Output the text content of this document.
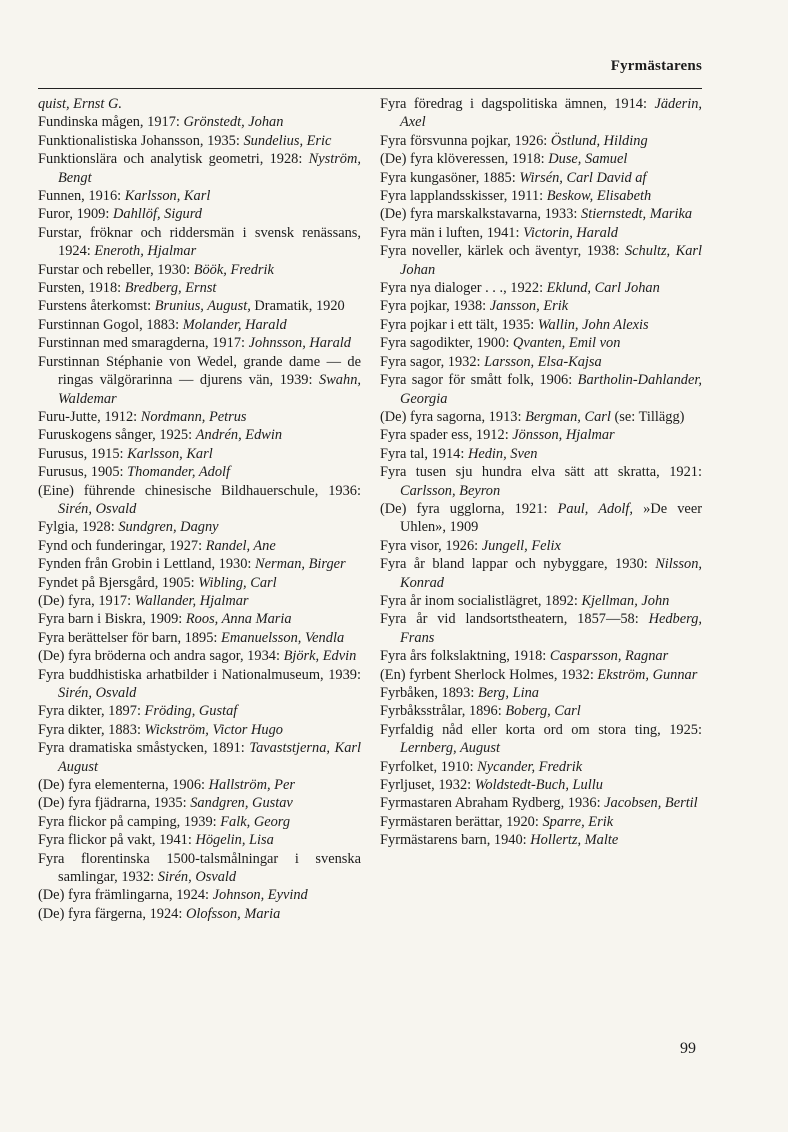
Fyrmästarens
quist, Ernst G.
Fundinska mågen, 1917: Grönstedt, Johan
Funktionalistiska Johansson, 1935: Sundelius, Eric
Funktionslära och analytisk geometri, 1928: Nyström, Bengt
Funnen, 1916: Karlsson, Karl
Furor, 1909: Dahllöf, Sigurd
Furstar, fröknar och riddersmän i svensk renässans, 1924: Eneroth, Hjalmar
Furstar och rebeller, 1930: Böök, Fredrik
Fursten, 1918: Bredberg, Ernst
Furstens återkomst: Brunius, August, Dramatik, 1920
Furstinnan Gogol, 1883: Molander, Harald
Furstinnan med smaragderna, 1917: Johnsson, Harald
Furstinnan Stéphanie von Wedel, grande dame — de ringas välgörarinna — djurens vän, 1939: Swahn, Waldemar
Furu-Jutte, 1912: Nordmann, Petrus
Furuskogens sånger, 1925: Andrén, Edwin
Furusus, 1915: Karlsson, Karl
Furusus, 1905: Thomander, Adolf
(Eine) führende chinesische Bildhauerschule, 1936: Sirén, Osvald
Fylgia, 1928: Sundgren, Dagny
Fynd och funderingar, 1927: Randel, Ane
Fynden från Grobin i Lettland, 1930: Nerman, Birger
Fyndet på Bjersgård, 1905: Wibling, Carl
(De) fyra, 1917: Wallander, Hjalmar
Fyra barn i Biskra, 1909: Roos, Anna Maria
Fyra berättelser för barn, 1895: Emanuelsson, Vendla
(De) fyra bröderna och andra sagor, 1934: Björk, Edvin
Fyra buddhistiska arhatbilder i Nationalmuseum, 1939: Sirén, Osvald
Fyra dikter, 1897: Fröding, Gustaf
Fyra dikter, 1883: Wickström, Victor Hugo
Fyra dramatiska småstycken, 1891: Tavaststjerna, Karl August
(De) fyra elementerna, 1906: Hallström, Per
(De) fyra fjädrarna, 1935: Sandgren, Gustav
Fyra flickor på camping, 1939: Falk, Georg
Fyra flickor på vakt, 1941: Högelin, Lisa
Fyra florentinska 1500-talsmålningar i svenska samlingar, 1932: Sirén, Osvald
(De) fyra främlingarna, 1924: Johnson, Eyvind
(De) fyra färgerna, 1924: Olofsson, Maria
Fyra föredrag i dagspolitiska ämnen, 1914: Jäderin, Axel
Fyra försvunna pojkar, 1926: Östlund, Hilding
(De) fyra klöveressen, 1918: Duse, Samuel
Fyra kungasöner, 1885: Wirsén, Carl David af
Fyra lapplandsskisser, 1911: Beskow, Elisabeth
(De) fyra marskalkstavarna, 1933: Stiernstedt, Marika
Fyra män i luften, 1941: Victorin, Harald
Fyra noveller, kärlek och äventyr, 1938: Schultz, Karl Johan
Fyra nya dialoger . . ., 1922: Eklund, Carl Johan
Fyra pojkar, 1938: Jansson, Erik
Fyra pojkar i ett tält, 1935: Wallin, John Alexis
Fyra sagodikter, 1900: Qvanten, Emil von
Fyra sagor, 1932: Larsson, Elsa-Kajsa
Fyra sagor för smått folk, 1906: Bartholin-Dahlander, Georgia
(De) fyra sagorna, 1913: Bergman, Carl (se: Tillägg)
Fyra spader ess, 1912: Jönsson, Hjalmar
Fyra tal, 1914: Hedin, Sven
Fyra tusen sju hundra elva sätt att skratta, 1921: Carlsson, Beyron
(De) fyra ugglorna, 1921: Paul, Adolf, »De veer Uhlen», 1909
Fyra visor, 1926: Jungell, Felix
Fyra år bland lappar och nybyggare, 1930: Nilsson, Konrad
Fyra år inom socialistlägret, 1892: Kjellman, John
Fyra år vid landsortstheatern, 1857—58: Hedberg, Frans
Fyra års folkslaktning, 1918: Casparsson, Ragnar
(En) fyrbent Sherlock Holmes, 1932: Ekström, Gunnar
Fyrbåken, 1893: Berg, Lina
Fyrbåksstrålar, 1896: Boberg, Carl
Fyrfaldig nåd eller korta ord om stora ting, 1925: Lernberg, August
Fyrfolket, 1910: Nycander, Fredrik
Fyrljuset, 1932: Woldstedt-Buch, Lullu
Fyrmastaren Abraham Rydberg, 1936: Jacobsen, Bertil
Fyrmästaren berättar, 1920: Sparre, Erik
Fyrmästarens barn, 1940: Hollertz, Malte
99
